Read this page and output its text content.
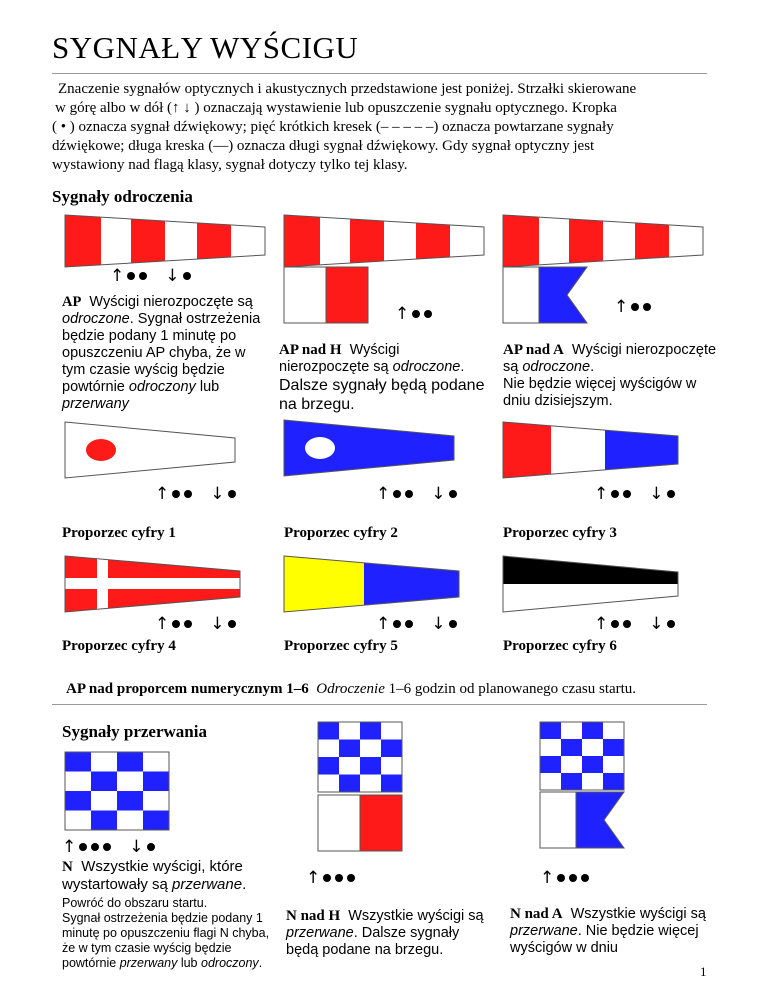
SYGNAŁY WYŚCIGU
Znaczenie sygnałów optycznych i akustycznych przedstawione jest poniżej. Strzałki skierowane
w górę albo w dół (↑ ↓ ) oznaczają wystawienie lub opuszczenie sygnału optycznego. Kropka
( • ) oznacza sygnał dźwiękowy; pięć krótkich kresek (– – – – –) oznacza powtarzane sygnały
dźwiękowe; długa kreska (—) oznacza długi sygnał dźwiękowy. Gdy sygnał optyczny jest
wystawiony nad flagą klasy, sygnał dotyczy tylko tej klasy.
Sygnały odroczenia
↑ ↓
↑	↑
AP Wyścigi nierozpoczęte są
odroczone. Sygnał ostrzeżenia będzie podany 1 minutę po opuszczeniu AP chyba, że w tym czasie wyścig będzie powtórnie odroczony lub przerwany
AP nad H Wyścigi nierozpoczęte są odroczone.
Dalsze sygnały będą podane na brzegu.
AP nad A Wyścigi nierozpoczęte są odroczone.
Nie będzie więcej wyścigów w dniu dzisiejszym.
↑ ↓	↑ ↓	↑ ↓
Proporzec cyfry 1	Proporzec cyfry 2	Proporzec cyfry 3
↑ ↓	↑ ↓	↑ ↓
Proporzec cyfry 4	Proporzec cyfry 5	Proporzec cyfry 6
AP nad proporcem numerycznym 1–6 Odroczenie 1–6 godzin od planowanego czasu startu.
Sygnały przerwania
↑	↓
↑	↑
N Wszystkie wyścigi, które wystartowały są przerwane.
Powróć do obszaru startu.
Sygnał ostrzeżenia będzie podany 1 minutę po opuszczeniu flagi N chyba, że w tym czasie wyścig będzie powtórnie przerwany lub odroczony.
N nad H Wszystkie wyścigi są przerwane. Dalsze sygnały będą podane na brzegu.
N nad A Wszystkie wyścigi są przerwane. Nie będzie więcej wyścigów w dniu
1
